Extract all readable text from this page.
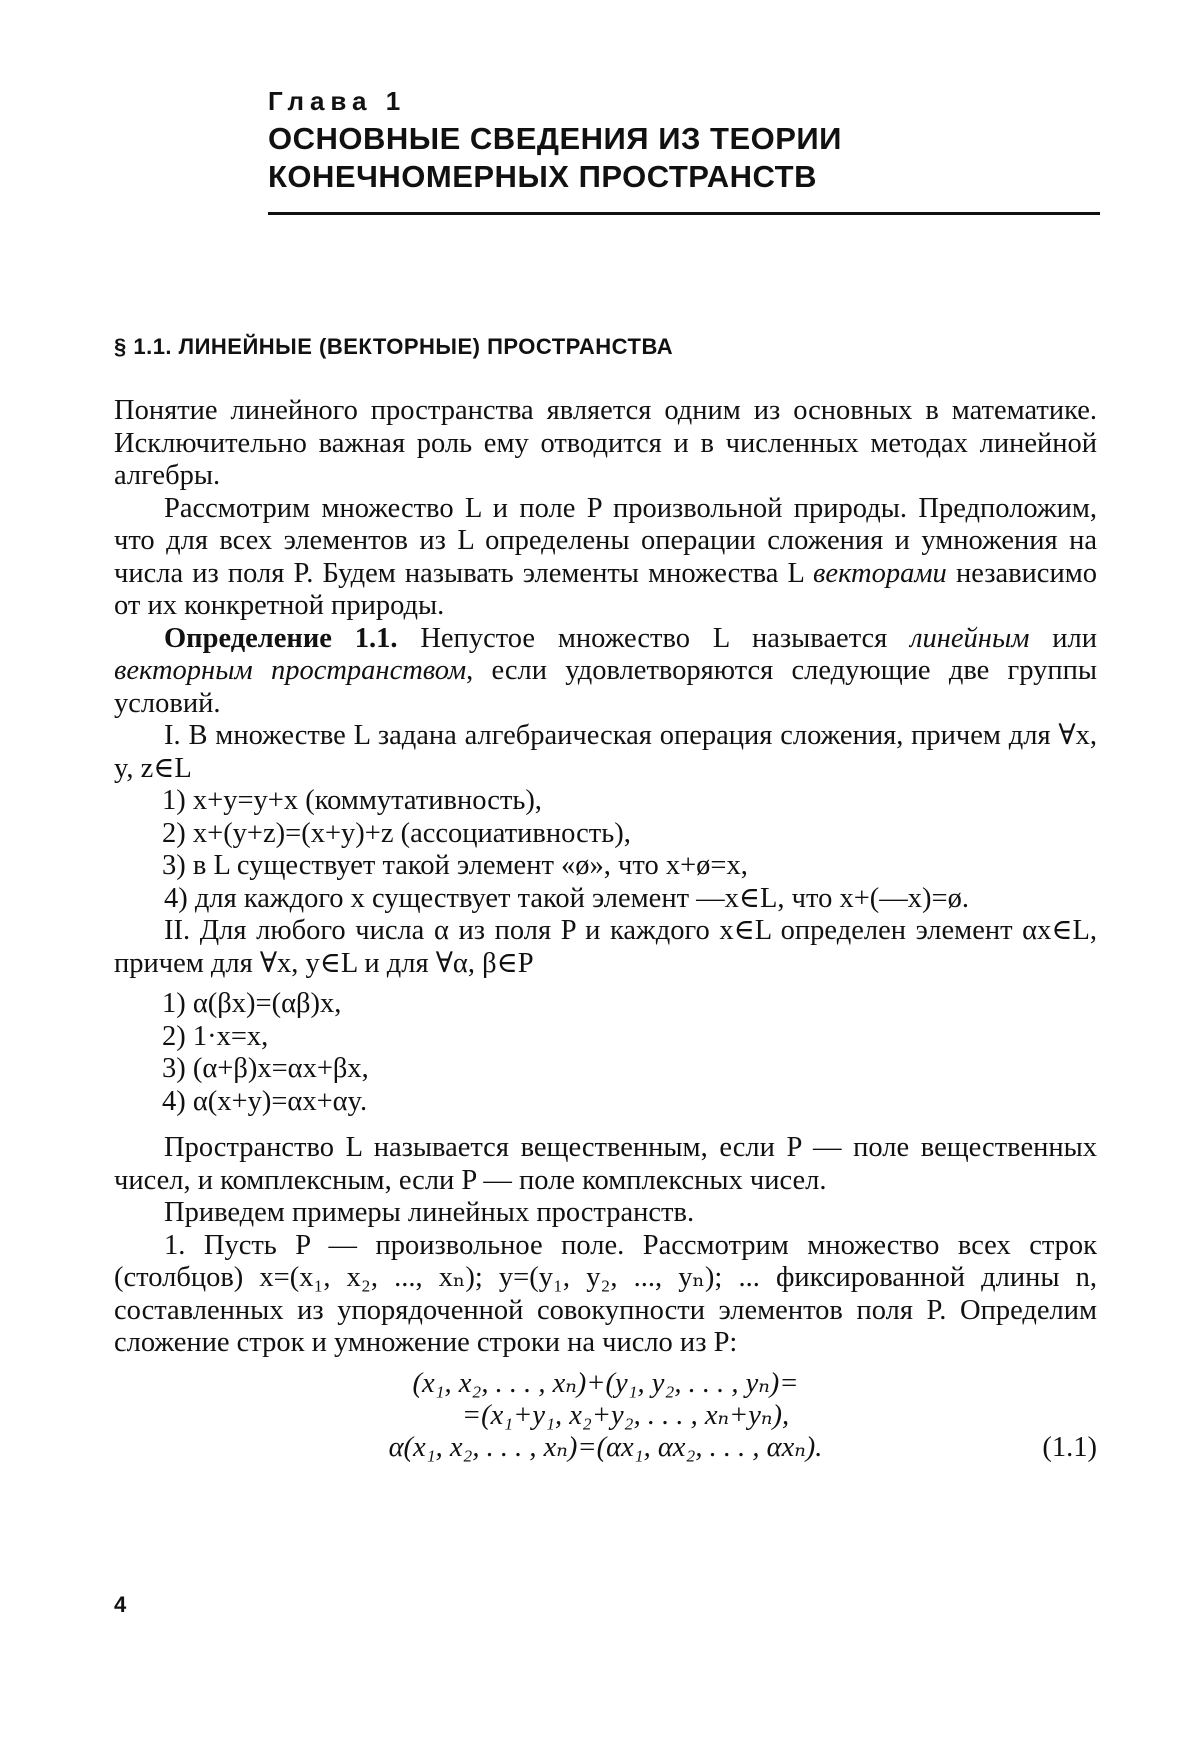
Глава 1
ОСНОВНЫЕ СВЕДЕНИЯ ИЗ ТЕОРИИ
КОНЕЧНОМЕРНЫХ ПРОСТРАНСТВ
§ 1.1. ЛИНЕЙНЫЕ (ВЕКТОРНЫЕ) ПРОСТРАНСТВА

Понятие линейного пространства является одним из основных в математике. Исключительно важная роль ему отводится и в численных методах линейной алгебры.

Рассмотрим множество L и поле P произвольной природы. Предположим, что для всех элементов из L определены операции сложения и умножения на числа из поля P. Будем называть элементы множества L векторами независимо от их конкретной природы.

Определение 1.1. Непустое множество L называется линейным или векторным пространством, если удовлетворяются следующие две группы условий.

I. В множестве L задана алгебраическая операция сложения, причем для ∀x, y, z∈L

1) x+y=y+x (коммутативность),

2) x+(y+z)=(x+y)+z (ассоциативность),

3) в L существует такой элемент «ø», что x+ø=x,

4) для каждого x существует такой элемент —x∈L, что x+(—x)=ø.

II. Для любого числа α из поля P и каждого x∈L определен элемент αx∈L, причем для ∀x, y∈L и для ∀α, β∈P

1) α(βx)=(αβ)x,

2) 1·x=x,

3) (α+β)x=αx+βx,

4) α(x+y)=αx+αy.

Пространство L называется вещественным, если P — поле вещественных чисел, и комплексным, если P — поле комплексных чисел.

Приведем примеры линейных пространств.

1. Пусть P — произвольное поле. Рассмотрим множество всех строк (столбцов) x=(x₁, x₂, ..., xₙ); y=(y₁, y₂, ..., yₙ); ... фиксированной длины n, составленных из упорядоченной совокупности элементов поля P. Определим сложение строк и умножение строки на число из P:

(x₁, x₂, . . . , xₙ)+(y₁, y₂, . . . , yₙ)=

=(x₁+y₁, x₂+y₂, . . . , xₙ+yₙ),

α(x₁, x₂, . . . , xₙ)=(αx₁, αx₂, . . . , αxₙ).	(1.1)
4
